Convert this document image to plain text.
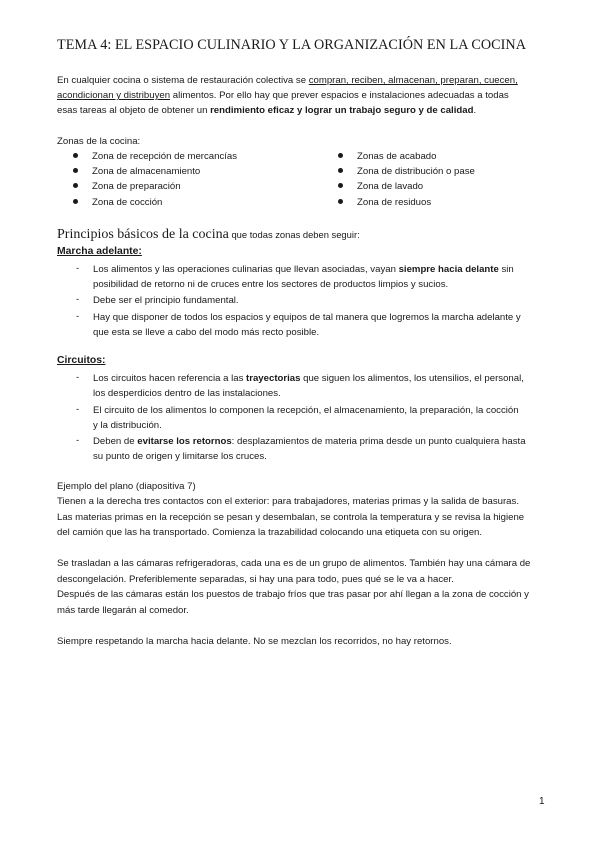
TEMA 4: EL ESPACIO CULINARIO Y LA ORGANIZACIÓN EN LA COCINA
En cualquier cocina o sistema de restauración colectiva se compran, reciben, almacenan, preparan, cuecen,
acondicionan y distribuyen alimentos. Por ello hay que prever espacios e instalaciones adecuadas a todas
esas tareas al objeto de obtener un rendimiento eficaz y lograr un trabajo seguro y de calidad.
Zonas de la cocina:
Zona de recepción de mercancías
Zona de almacenamiento
Zona de preparación
Zona de cocción
Zonas de acabado
Zona de distribución o pase
Zona de lavado
Zona de residuos
Principios básicos de la cocina que todas zonas deben seguir:
Marcha adelante:
- Los alimentos y las operaciones culinarias que llevan asociadas, vayan siempre hacia delante sin
posibilidad de retorno ni de cruces entre los sectores de productos limpios y sucios.
- Debe ser el principio fundamental.
- Hay que disponer de todos los espacios y equipos de tal manera que logremos la marcha adelante y
que esta se lleve a cabo del modo más recto posible.
Circuitos:
- Los circuitos hacen referencia a las trayectorias que siguen los alimentos, los utensilios, el personal,
los desperdicios dentro de las instalaciones.
- El circuito de los alimentos lo componen la recepción, el almacenamiento, la preparación, la cocción
y la distribución.
- Deben de evitarse los retornos: desplazamientos de materia prima desde un punto cualquiera hasta
su punto de origen y limitarse los cruces.
Ejemplo del plano (diapositiva 7)
Tienen a la derecha tres contactos con el exterior: para trabajadores, materias primas y la salida de basuras.
Las materias primas en la recepción se pesan y desembalan, se controla la temperatura y se revisa la higiene
del camión que las ha transportado. Comienza la trazabilidad colocando una etiqueta con su origen.
Se trasladan a las cámaras refrigeradoras, cada una es de un grupo de alimentos. También hay una cámara de
descongelación. Preferiblemente separadas, si hay una para todo, pues qué se le va a hacer.
Después de las cámaras están los puestos de trabajo fríos que tras pasar por ahí llegan a la zona de cocción y
más tarde llegarán al comedor.
Siempre respetando la marcha hacia delante. No se mezclan los recorridos, no hay retornos.
1
